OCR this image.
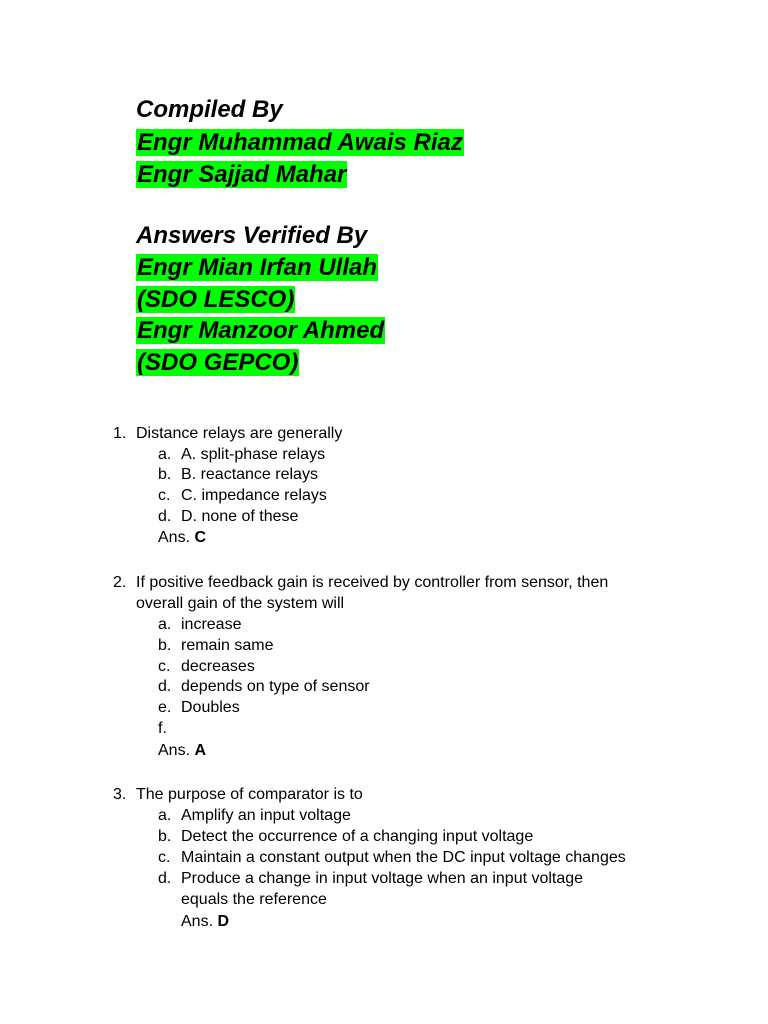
Compiled By
Engr Muhammad Awais Riaz
Engr Sajjad Mahar
Answers Verified By
Engr Mian Irfan Ullah
(SDO LESCO)
Engr Manzoor Ahmed
(SDO GEPCO)
1. Distance relays are generally
a. A. split-phase relays
b. B. reactance relays
c. C. impedance relays
d. D. none of these
Ans. C
2. If positive feedback gain is received by controller from sensor, then
overall gain of the system will
a. increase
b. remain same
c. decreases
d. depends on type of sensor
e. Doubles
f.
Ans. A
3. The purpose of comparator is to
a. Amplify an input voltage
b. Detect the occurrence of a changing input voltage
c. Maintain a constant output when the DC input voltage changes
d. Produce a change in input voltage when an input voltage
equals the reference
Ans. D
